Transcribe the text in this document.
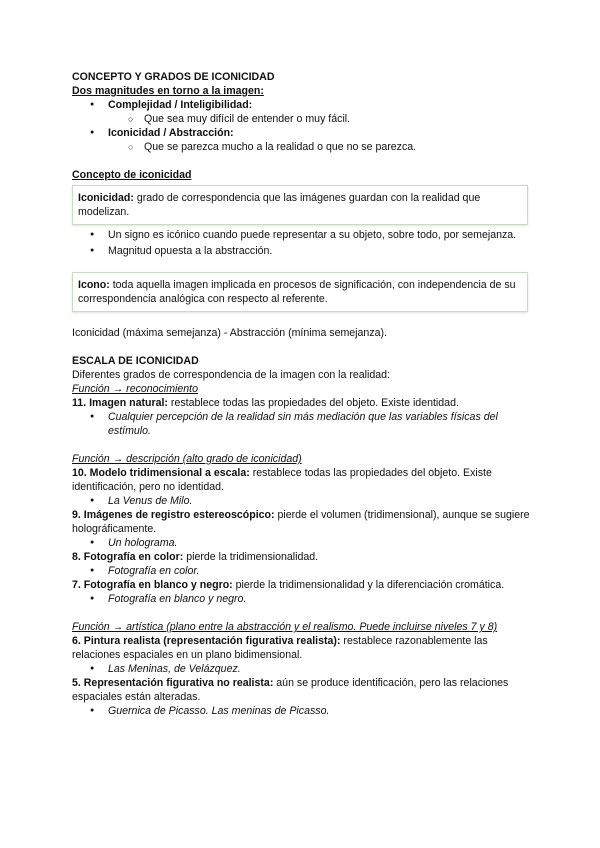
CONCEPTO Y GRADOS DE ICONICIDAD

Dos magnitudes en torno a la imagen:

● Complejidad / Inteligibilidad:
○ Que sea muy difícil de entender o muy fácil.
● Iconicidad / Abstracción:
○ Que se parezca mucho a la realidad o que no se parezca.

Concepto de iconicidad

Iconicidad: grado de correspondencia que las imágenes guardan con la realidad que modelizan.
● Un signo es icónico cuando puede representar a su objeto, sobre todo, por semejanza.
● Magnitud opuesta a la abstracción.
Icono: toda aquella imagen implicada en procesos de significación, con independencia de su correspondencia analógica con respecto al referente.

Iconicidad (máxima semejanza) - Abstracción (mínima semejanza).

ESCALA DE ICONICIDAD

Diferentes grados de correspondencia de la imagen con la realidad:

Función → reconocimiento

11. Imagen natural: restablece todas las propiedades del objeto. Existe identidad.

● Cualquier percepción de la realidad sin más mediación que las variables físicas del estímulo.

Función → descripción (alto grado de iconicidad)

10. Modelo tridimensional a escala: restablece todas las propiedades del objeto. Existe identificación, pero no identidad.

● La Venus de Milo.

9. Imágenes de registro estereoscópico: pierde el volumen (tridimensional), aunque se sugiere holográficamente.

● Un holograma.

8. Fotografía en color: pierde la tridimensionalidad.

● Fotografía en color.

7. Fotografía en blanco y negro: pierde la tridimensionalidad y la diferenciación cromática.

● Fotografía en blanco y negro.

Función → artística (plano entre la abstracción y el realismo. Puede incluirse niveles 7 y 8)

6. Pintura realista (representación figurativa realista): restablece razonablemente las relaciones espaciales en un plano bidimensional.

● Las Meninas, de Velázquez.

5. Representación figurativa no realista: aún se produce identificación, pero las relaciones espaciales están alteradas.

● Guernica de Picasso. Las meninas de Picasso.
